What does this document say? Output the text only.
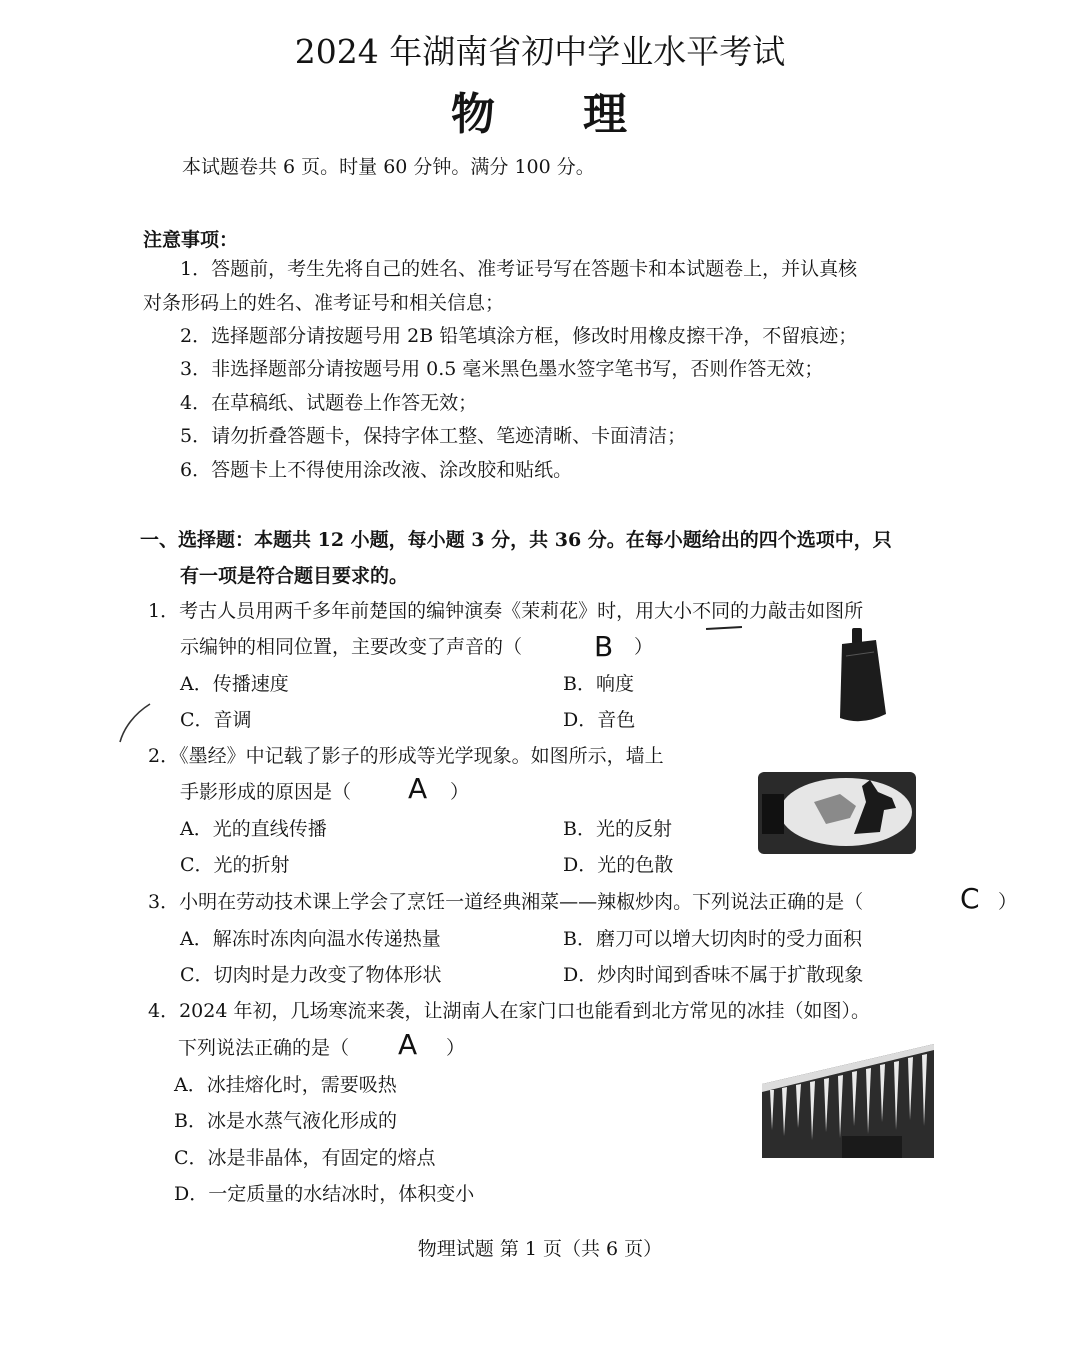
2024 年湖南省初中学业水平考试
物 理
本试题卷共 6 页。时量 60 分钟。满分 100 分。
注意事项：
1．答题前，考生先将自己的姓名、准考证号写在答题卡和本试题卷上，并认真核
对条形码上的姓名、准考证号和相关信息；
2．选择题部分请按题号用 2B 铅笔填涂方框，修改时用橡皮擦干净，不留痕迹；
3．非选择题部分请按题号用 0.5 毫米黑色墨水签字笔书写，否则作答无效；
4．在草稿纸、试题卷上作答无效；
5．请勿折叠答题卡，保持字体工整、笔迹清晰、卡面清洁；
6．答题卡上不得使用涂改液、涂改胶和贴纸。
一、选择题：本题共 12 小题，每小题 3 分，共 36 分。在每小题给出的四个选项中，只
有一项是符合题目要求的。
1．考古人员用两千多年前楚国的编钟演奏《茉莉花》时，用大小不同的力敲击如图所
示编钟的相同位置，主要改变了声音的（	B ）
A．传播速度	B．响度
C．音调	D．音色
2．《墨经》中记载了影子的形成等光学现象。如图所示，墙上
手影形成的原因是（ A ）
A．光的直线传播	B．光的反射
C．光的折射	D．光的色散
3．小明在劳动技术课上学会了烹饪一道经典湘菜——辣椒炒肉。下列说法正确的是（	C ）
A．解冻时冻肉向温水传递热量	B．磨刀可以增大切肉时的受力面积
C．切肉时是力改变了物体形状	D．炒肉时闻到香味不属于扩散现象
4．2024 年初，几场寒流来袭，让湖南人在家门口也能看到北方常见的冰挂（如图）。
下列说法正确的是（ A ）
A．冰挂熔化时，需要吸热
B．冰是水蒸气液化形成的
C．冰是非晶体，有固定的熔点
D．一定质量的水结冰时，体积变小
物理试题 第 1 页（共 6 页）
